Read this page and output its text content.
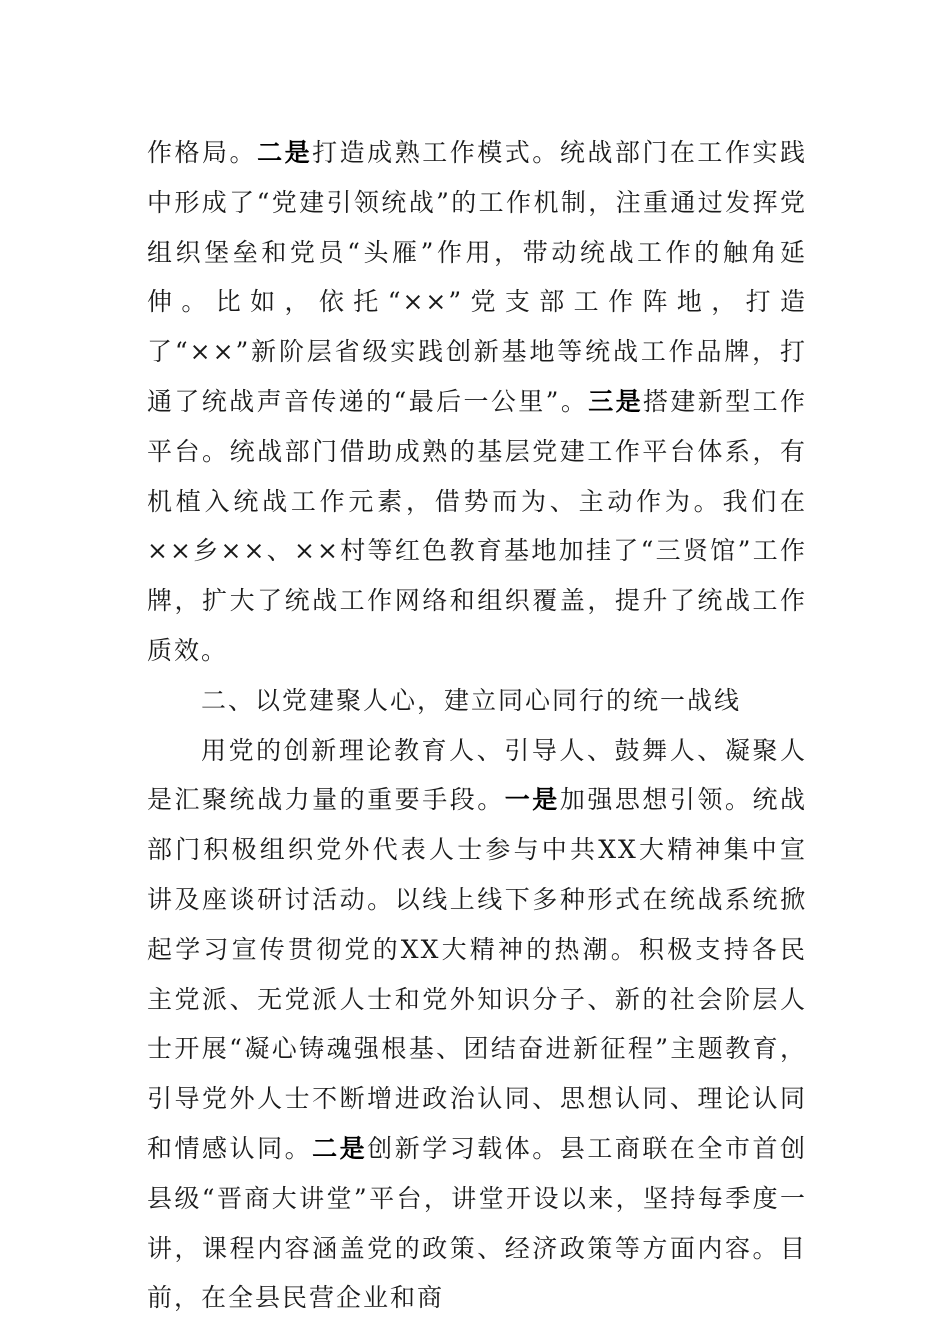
作格局。二是打造成熟工作模式。统战部门在工作实践中形成了“党建引领统战”的工作机制，注重通过发挥党组织堡垒和党员“头雁”作用，带动统战工作的触角延伸。比如，依托“××”党支部工作阵地，打造了“××”新阶层省级实践创新基地等统战工作品牌，打通了统战声音传递的“最后一公里”。三是搭建新型工作平台。统战部门借助成熟的基层党建工作平台体系，有机植入统战工作元素，借势而为、主动作为。我们在××乡××、××村等红色教育基地加挂了“三贤馆”工作牌，扩大了统战工作网络和组织覆盖，提升了统战工作质效。

二、以党建聚人心，建立同心同行的统一战线

用党的创新理论教育人、引导人、鼓舞人、凝聚人是汇聚统战力量的重要手段。一是加强思想引领。统战部门积极组织党外代表人士参与中共XX大精神集中宣讲及座谈研讨活动。以线上线下多种形式在统战系统掀起学习宣传贯彻党的XX大精神的热潮。积极支持各民主党派、无党派人士和党外知识分子、新的社会阶层人士开展“凝心铸魂强根基、团结奋进新征程”主题教育，引导党外人士不断增进政治认同、思想认同、理论认同和情感认同。二是创新学习载体。县工商联在全市首创县级“晋商大讲堂”平台，讲堂开设以来，坚持每季度一讲，课程内容涵盖党的政策、经济政策等方面内容。目前，在全县民营企业和商
